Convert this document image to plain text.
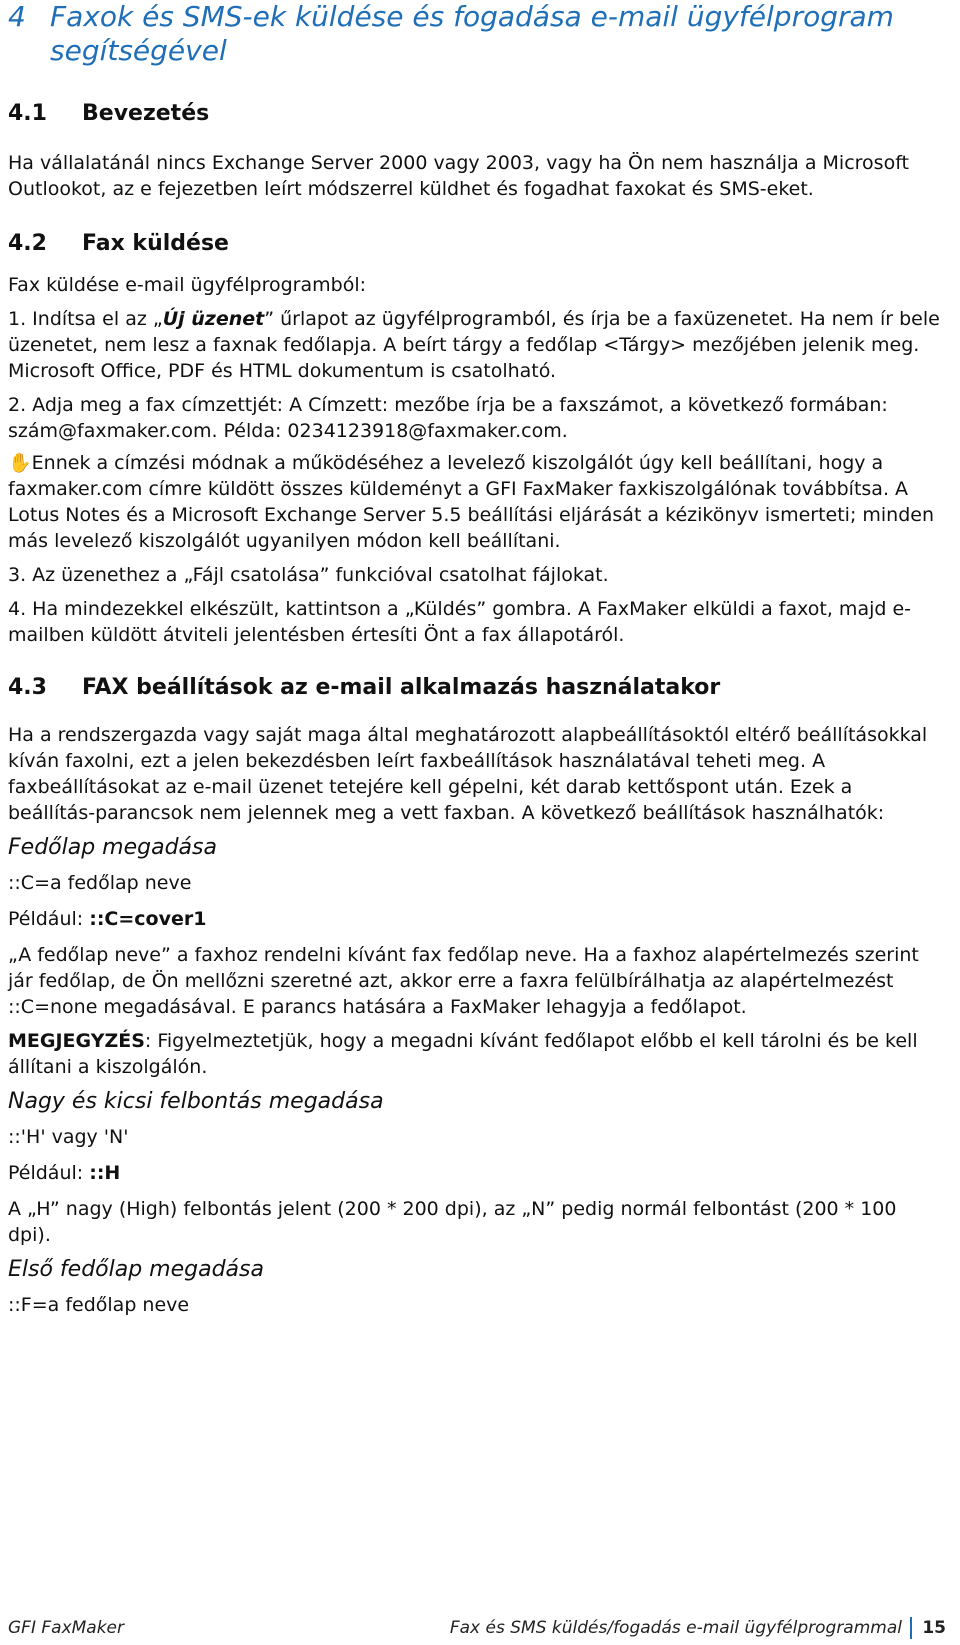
4 Faxok és SMS-ek küldése és fogadása e-mail ügyfélprogram
segítségével
4.1 Bevezetés

Ha vállalatánál nincs Exchange Server 2000 vagy 2003, vagy ha Ön nem használja a Microsoft Outlookot, az e fejezetben leírt módszerrel küldhet és fogadhat faxokat és SMS-eket.

4.2 Fax küldése

Fax küldése e-mail ügyfélprogramból:

1. Indítsa el az „Új üzenet” űrlapot az ügyfélprogramból, és írja be a faxüzenetet. Ha nem ír bele üzenetet, nem lesz a faxnak fedőlapja. A beírt tárgy a fedőlap <Tárgy> mezőjében jelenik meg. Microsoft Office, PDF és HTML dokumentum is csatolható.

2. Adja meg a fax címzettjét: A Címzett: mezőbe írja be a faxszámot, a következő formában: szám@faxmaker.com. Példa: 0234123918@faxmaker.com.

✋Ennek a címzési módnak a működéséhez a levelező kiszolgálót úgy kell beállítani, hogy a faxmaker.com címre küldött összes küldeményt a GFI FaxMaker faxkiszolgálónak továbbítsa. A Lotus Notes és a Microsoft Exchange Server 5.5 beállítási eljárását a kézikönyv ismerteti; minden más levelező kiszolgálót ugyanilyen módon kell beállítani.

3. Az üzenethez a „Fájl csatolása” funkcióval csatolhat fájlokat.

4. Ha mindezekkel elkészült, kattintson a „Küldés” gombra. A FaxMaker elküldi a faxot, majd e-mailben küldött átviteli jelentésben értesíti Önt a fax állapotáról.

4.3 FAX beállítások az e-mail alkalmazás használatakor

Ha a rendszergazda vagy saját maga által meghatározott alapbeállításoktól eltérő beállításokkal kíván faxolni, ezt a jelen bekezdésben leírt faxbeállítások használatával teheti meg. A faxbeállításokat az e-mail üzenet tetejére kell gépelni, két darab kettőspont után. Ezek a beállítás-parancsok nem jelennek meg a vett faxban. A következő beállítások használhatók:

Fedőlap megadása

::C=a fedőlap neve

Például: ::C=cover1

„A fedőlap neve” a faxhoz rendelni kívánt fax fedőlap neve. Ha a faxhoz alapértelmezés szerint jár fedőlap, de Ön mellőzni szeretné azt, akkor erre a faxra felülbírálhatja az alapértelmezést ::C=none megadásával. E parancs hatására a FaxMaker lehagyja a fedőlapot.

MEGJEGYZÉS: Figyelmeztetjük, hogy a megadni kívánt fedőlapot előbb el kell tárolni és be kell állítani a kiszolgálón.

Nagy és kicsi felbontás megadása

::'H' vagy 'N'

Például: ::H

A „H” nagy (High) felbontás jelent (200 * 200 dpi), az „N” pedig normál felbontást (200 * 100 dpi).

Első fedőlap megadása

::F=a fedőlap neve

GFI FaxMaker	Fax és SMS küldés/fogadás e-mail ügyfélprogrammal 15
